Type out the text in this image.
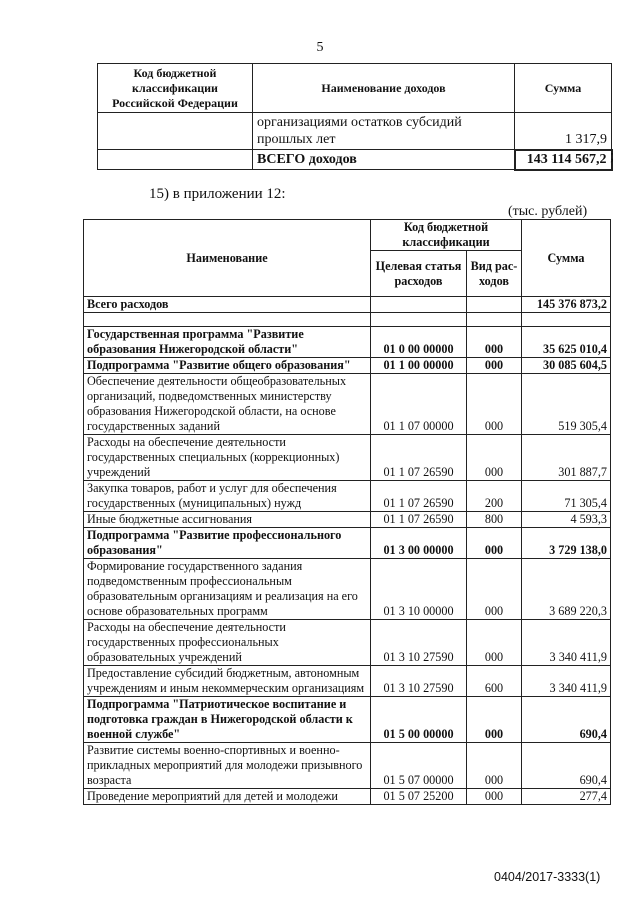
5
Код бюджетной классификации Российской Федерации	Наименование доходов	Сумма
	организациями остатков субсидий прошлых лет	1 317,9
	ВСЕГО доходов	143 114 567,2 ;
15) в приложении 12:
(тыс. рублей)
Наименование	Код бюджетной классификации		Сумма
	Целевая статья расходов	Вид рас-ходов	
Всего расходов			145 376 873,2

Государственная программа "Развитие образования Нижегородской области"	01 0 00 00000	000	35 625 010,4
Подпрограмма "Развитие общего образования"	01 1 00 00000	000	30 085 604,5
Обеспечение деятельности общеобразовательных организаций, подведомственных министерству образования Нижегородской области, на основе государственных заданий	01 1 07 00000	000	519 305,4
Расходы на обеспечение деятельности государственных специальных (коррекционных) учреждений	01 1 07 26590	000	301 887,7
Закупка товаров, работ и услуг для обеспечения государственных (муниципальных) нужд	01 1 07 26590	200	71 305,4
Иные бюджетные ассигнования	01 1 07 26590	800	4 593,3
Подпрограмма "Развитие профессионального образования"	01 3 00 00000	000	3 729 138,0
Формирование государственного задания подведомственным профессиональным образовательным организациям и реализация на его основе образовательных программ	01 3 10 00000	000	3 689 220,3
Расходы на обеспечение деятельности государственных профессиональных образовательных учреждений	01 3 10 27590	000	3 340 411,9
Предоставление субсидий бюджетным, автономным учреждениям и иным некоммерческим организациям	01 3 10 27590	600	3 340 411,9
Подпрограмма "Патриотическое воспитание и подготовка граждан в Нижегородской области к военной службе"	01 5 00 00000	000	690,4
Развитие системы военно-спортивных и военно-прикладных мероприятий для молодежи призывного возраста	01 5 07 00000	000	690,4
Проведение мероприятий для детей и молодежи	01 5 07 25200	000	277,4
0404/2017-3333(1)
